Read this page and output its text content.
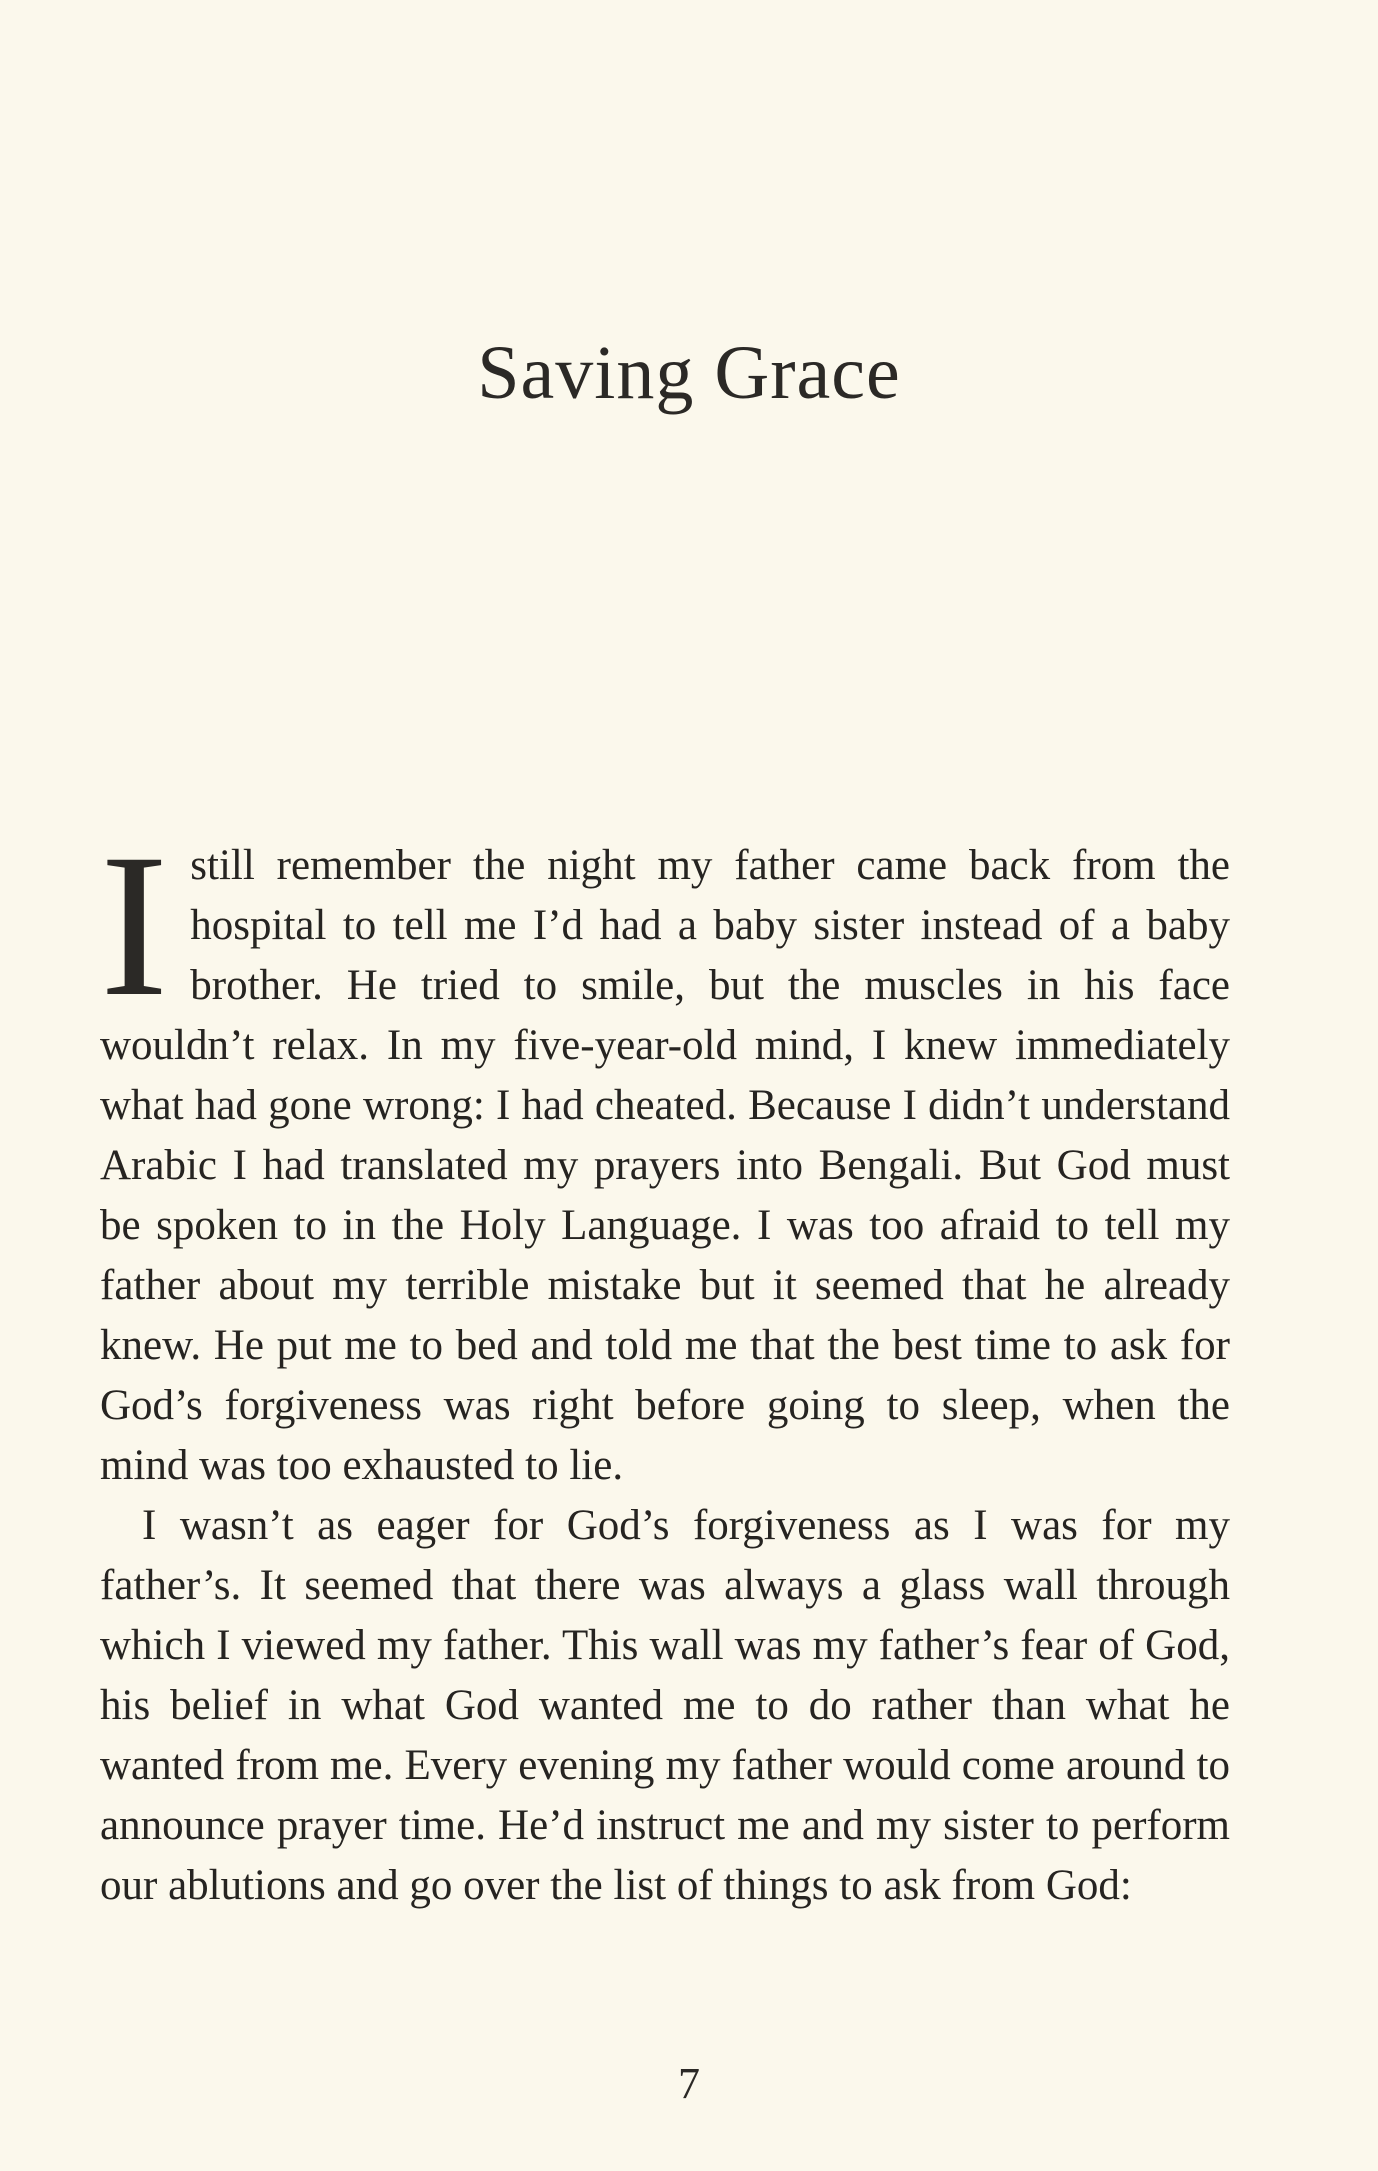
Saving Grace

Istill remember the night my father came back from the hospital to tell me I’d had a baby sister instead of a baby brother. He tried to smile, but the muscles in his face wouldn’t relax. In my five-year-old mind, I knew immediately what had gone wrong: I had cheated. Because I didn’t understand Arabic I had translated my prayers into Bengali. But God must be spoken to in the Holy Language. I was too afraid to tell my father about my terrible mistake but it seemed that he already knew. He put me to bed and told me that the best time to ask for God’s forgiveness was right before going to sleep, when the mind was too exhausted to lie.

I wasn’t as eager for God’s forgiveness as I was for my father’s. It seemed that there was always a glass wall through which I viewed my father. This wall was my father’s fear of God, his belief in what God wanted me to do rather than what he wanted from me. Every evening my father would come around to announce prayer time. He’d instruct me and my sister to perform our ablutions and go over the list of things to ask from God:

7
